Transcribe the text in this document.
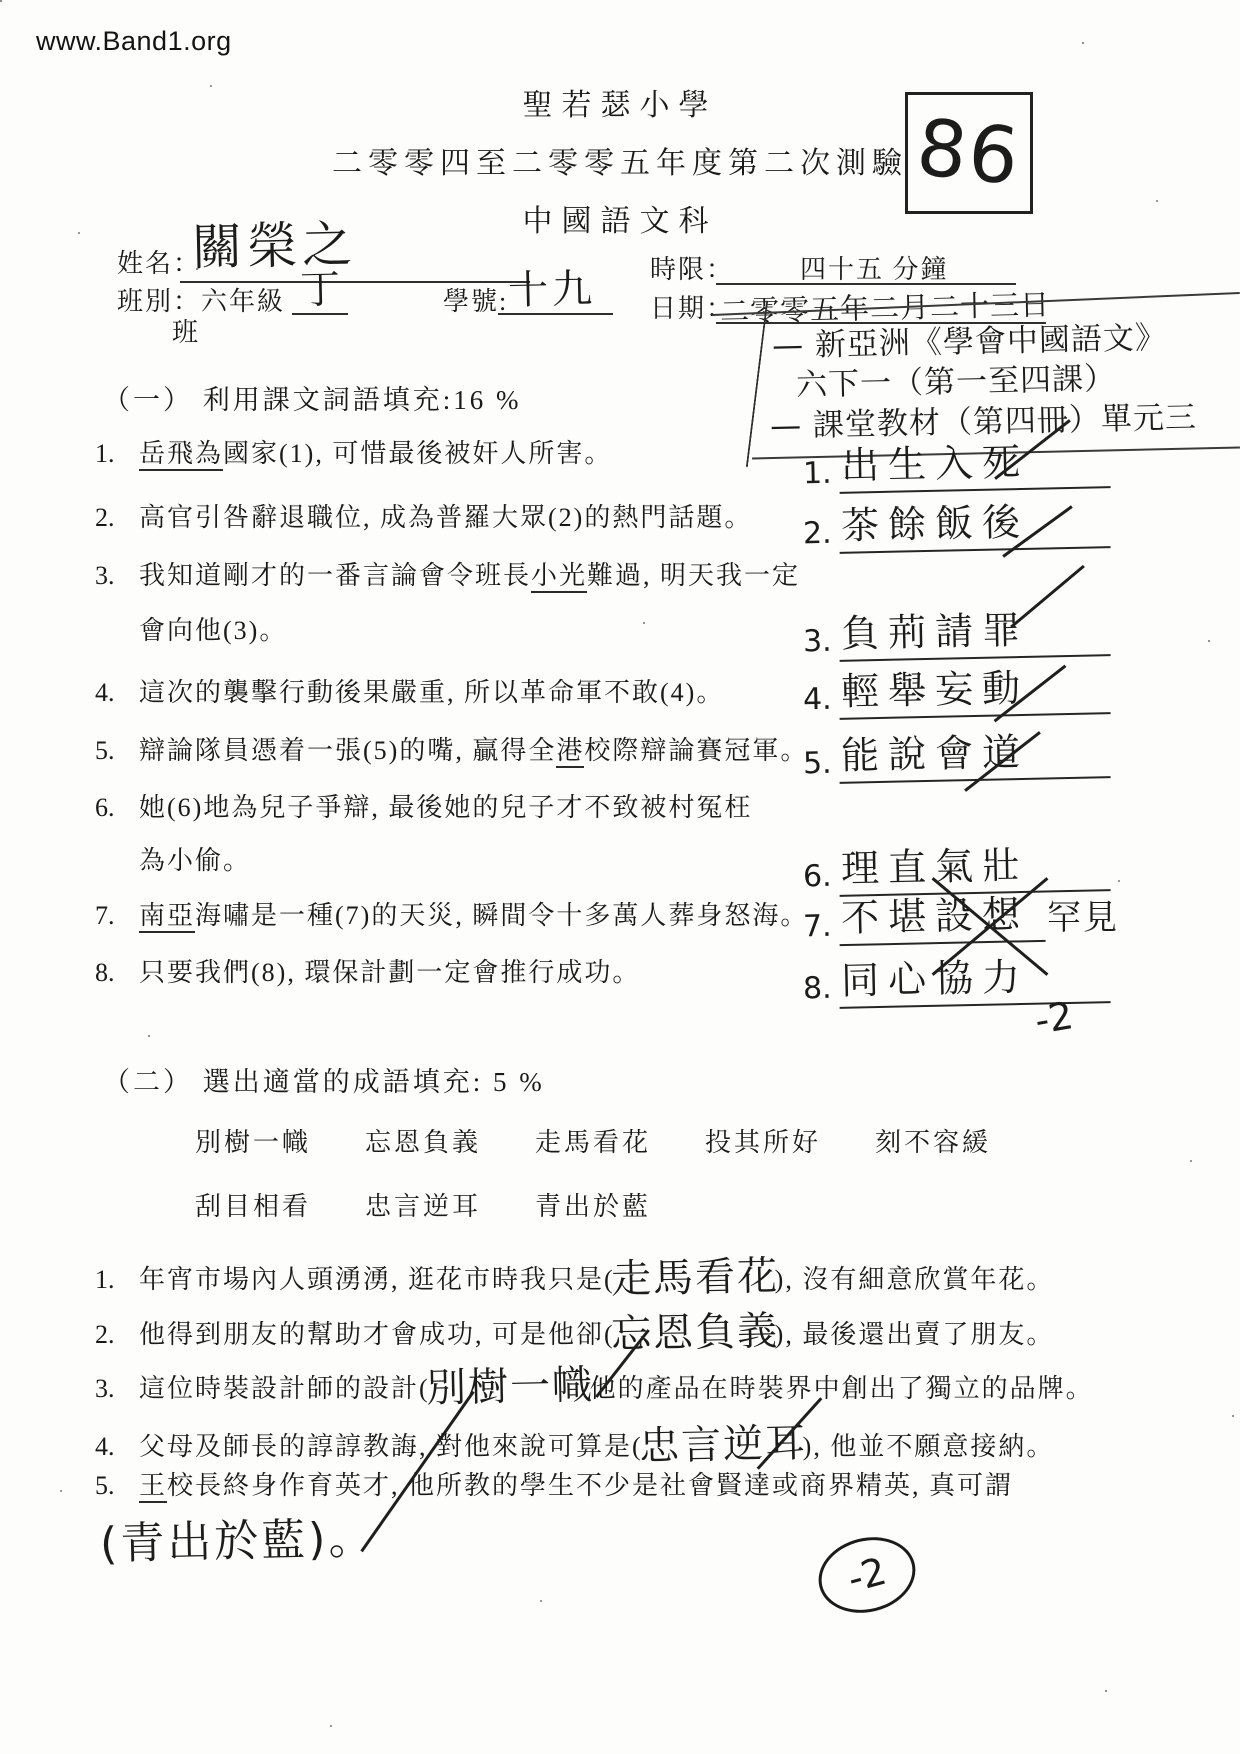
www.Band1.org
聖若瑟小學
二零零四至二零零五年度第二次測驗
中國語文科
86
姓名：
關榮之
班別：六年級 丁	學號: 十九
班
時限：	四十五 分鐘
日期：
二零零五年二月二十三日
— 新亞洲《學會中國語文》
六下一（第一至四課）
— 課堂教材（第四冊）單元三
（一） 利用課文詞語填充:16 %
1. 岳飛為國家(1), 可惜最後被奸人所害。
2. 高官引咎辭退職位, 成為普羅大眾(2)的熱門話題。
3. 我知道剛才的一番言論會令班長小光難過, 明天我一定
會向他(3)。
4. 這次的襲擊行動後果嚴重, 所以革命軍不敢(4)。
5. 辯論隊員憑着一張(5)的嘴, 贏得全港校際辯論賽冠軍。
6. 她(6)地為兒子爭辯, 最後她的兒子才不致被村冤枉
為小偷。
7. 南亞海嘯是一種(7)的天災, 瞬間令十多萬人葬身怒海。
8. 只要我們(8), 環保計劃一定會推行成功。
1. 出生入死
2. 茶餘飯後
3. 負荊請罪
4. 輕舉妄動
5. 能說會道
6. 理直氣壯
7. 不堪設想 罕見
8. 同心協力
-2
（二） 選出適當的成語填充: 5 %
別樹一幟 忘恩負義 走馬看花 投其所好 刻不容緩
刮目相看 忠言逆耳 青出於藍
1. 年宵市場內人頭湧湧, 逛花市時我只是(走馬看花), 沒有細意欣賞年花。
2. 他得到朋友的幫助才會成功, 可是他卻(忘恩負義), 最後還出賣了朋友。
3. 這位時裝設計師的設計(別樹一幟他的產品在時裝界中創出了獨立的品牌。
4. 父母及師長的諄諄教誨, 對他來說可算是(忠言逆耳), 他並不願意接納。
5. 王校長終身作育英才, 他所教的學生不少是社會賢達或商界精英, 真可謂
(青出於藍)。
-2
